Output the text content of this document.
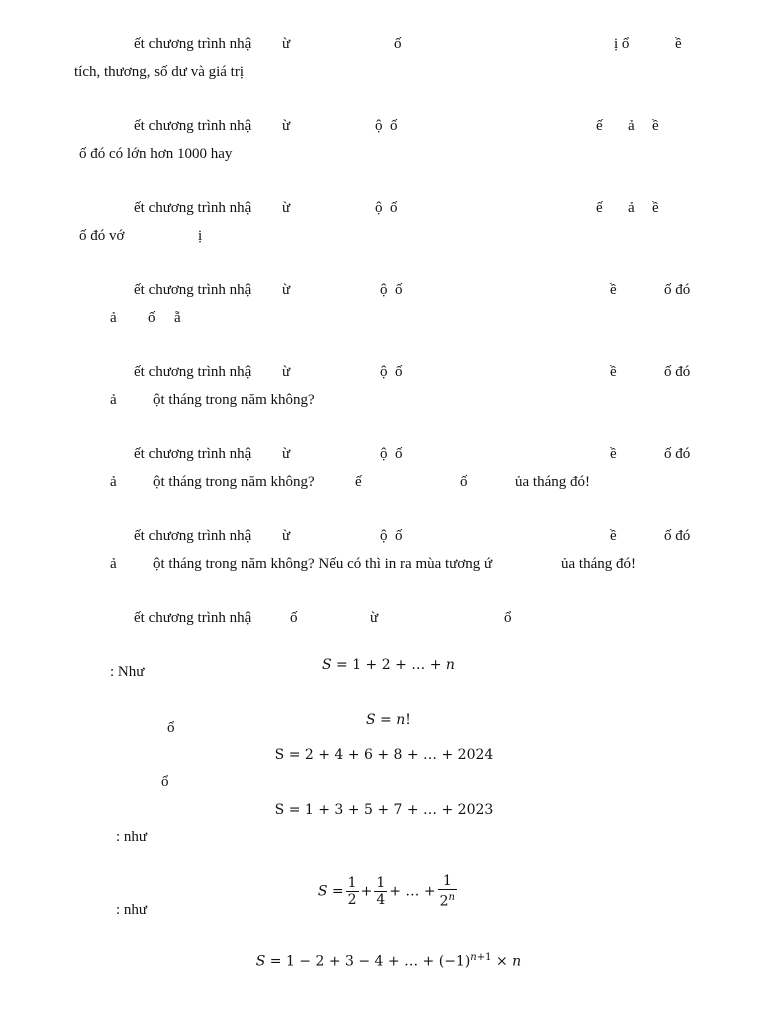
ết chương trình nhậ ừ	ố	ị ổ	ề
tích, thương, số dư và giá trị
ết chương trình nhậ ừ	ộ  ố	ế ả ề
ố đó có lớn hơn 1000 hay
ết chương trình nhậ ừ	ộ  ố	ế ả ề
ố đó vớ	ị
ết chương trình nhậ ừ	ộ  ố	ề	ố đó
ả ố ẵ
ết chương trình nhậ ừ	ộ  ố	ề	ố đó
ả ột tháng trong năm không?
ết chương trình nhậ ừ	ộ  ố	ề	ố đó
ả ột tháng trong năm không?	ế	ố	ủa tháng đó!
ết chương trình nhậ ừ	ộ  ố	ề	ố đó
ả ột tháng trong năm không? Nếu có thì in ra mùa tương ứ	ủa tháng đó!
ết chương trình nhậ	ố	ừ	ổ
: Như
ổ
ổ
: như
: như

S = 1 + 2 + … + n

S = n!

S = 2 + 4 + 6 + 8 + … + 2024
S = 1 + 3 + 5 + 7 + … + 2023

$S = \frac{1}{2} + \frac{1}{4}$ + … + $\frac{1}{2^n}$

S = 1 − 2 + 3 − 4 + … + $(-1)^{n+1} \times n$
